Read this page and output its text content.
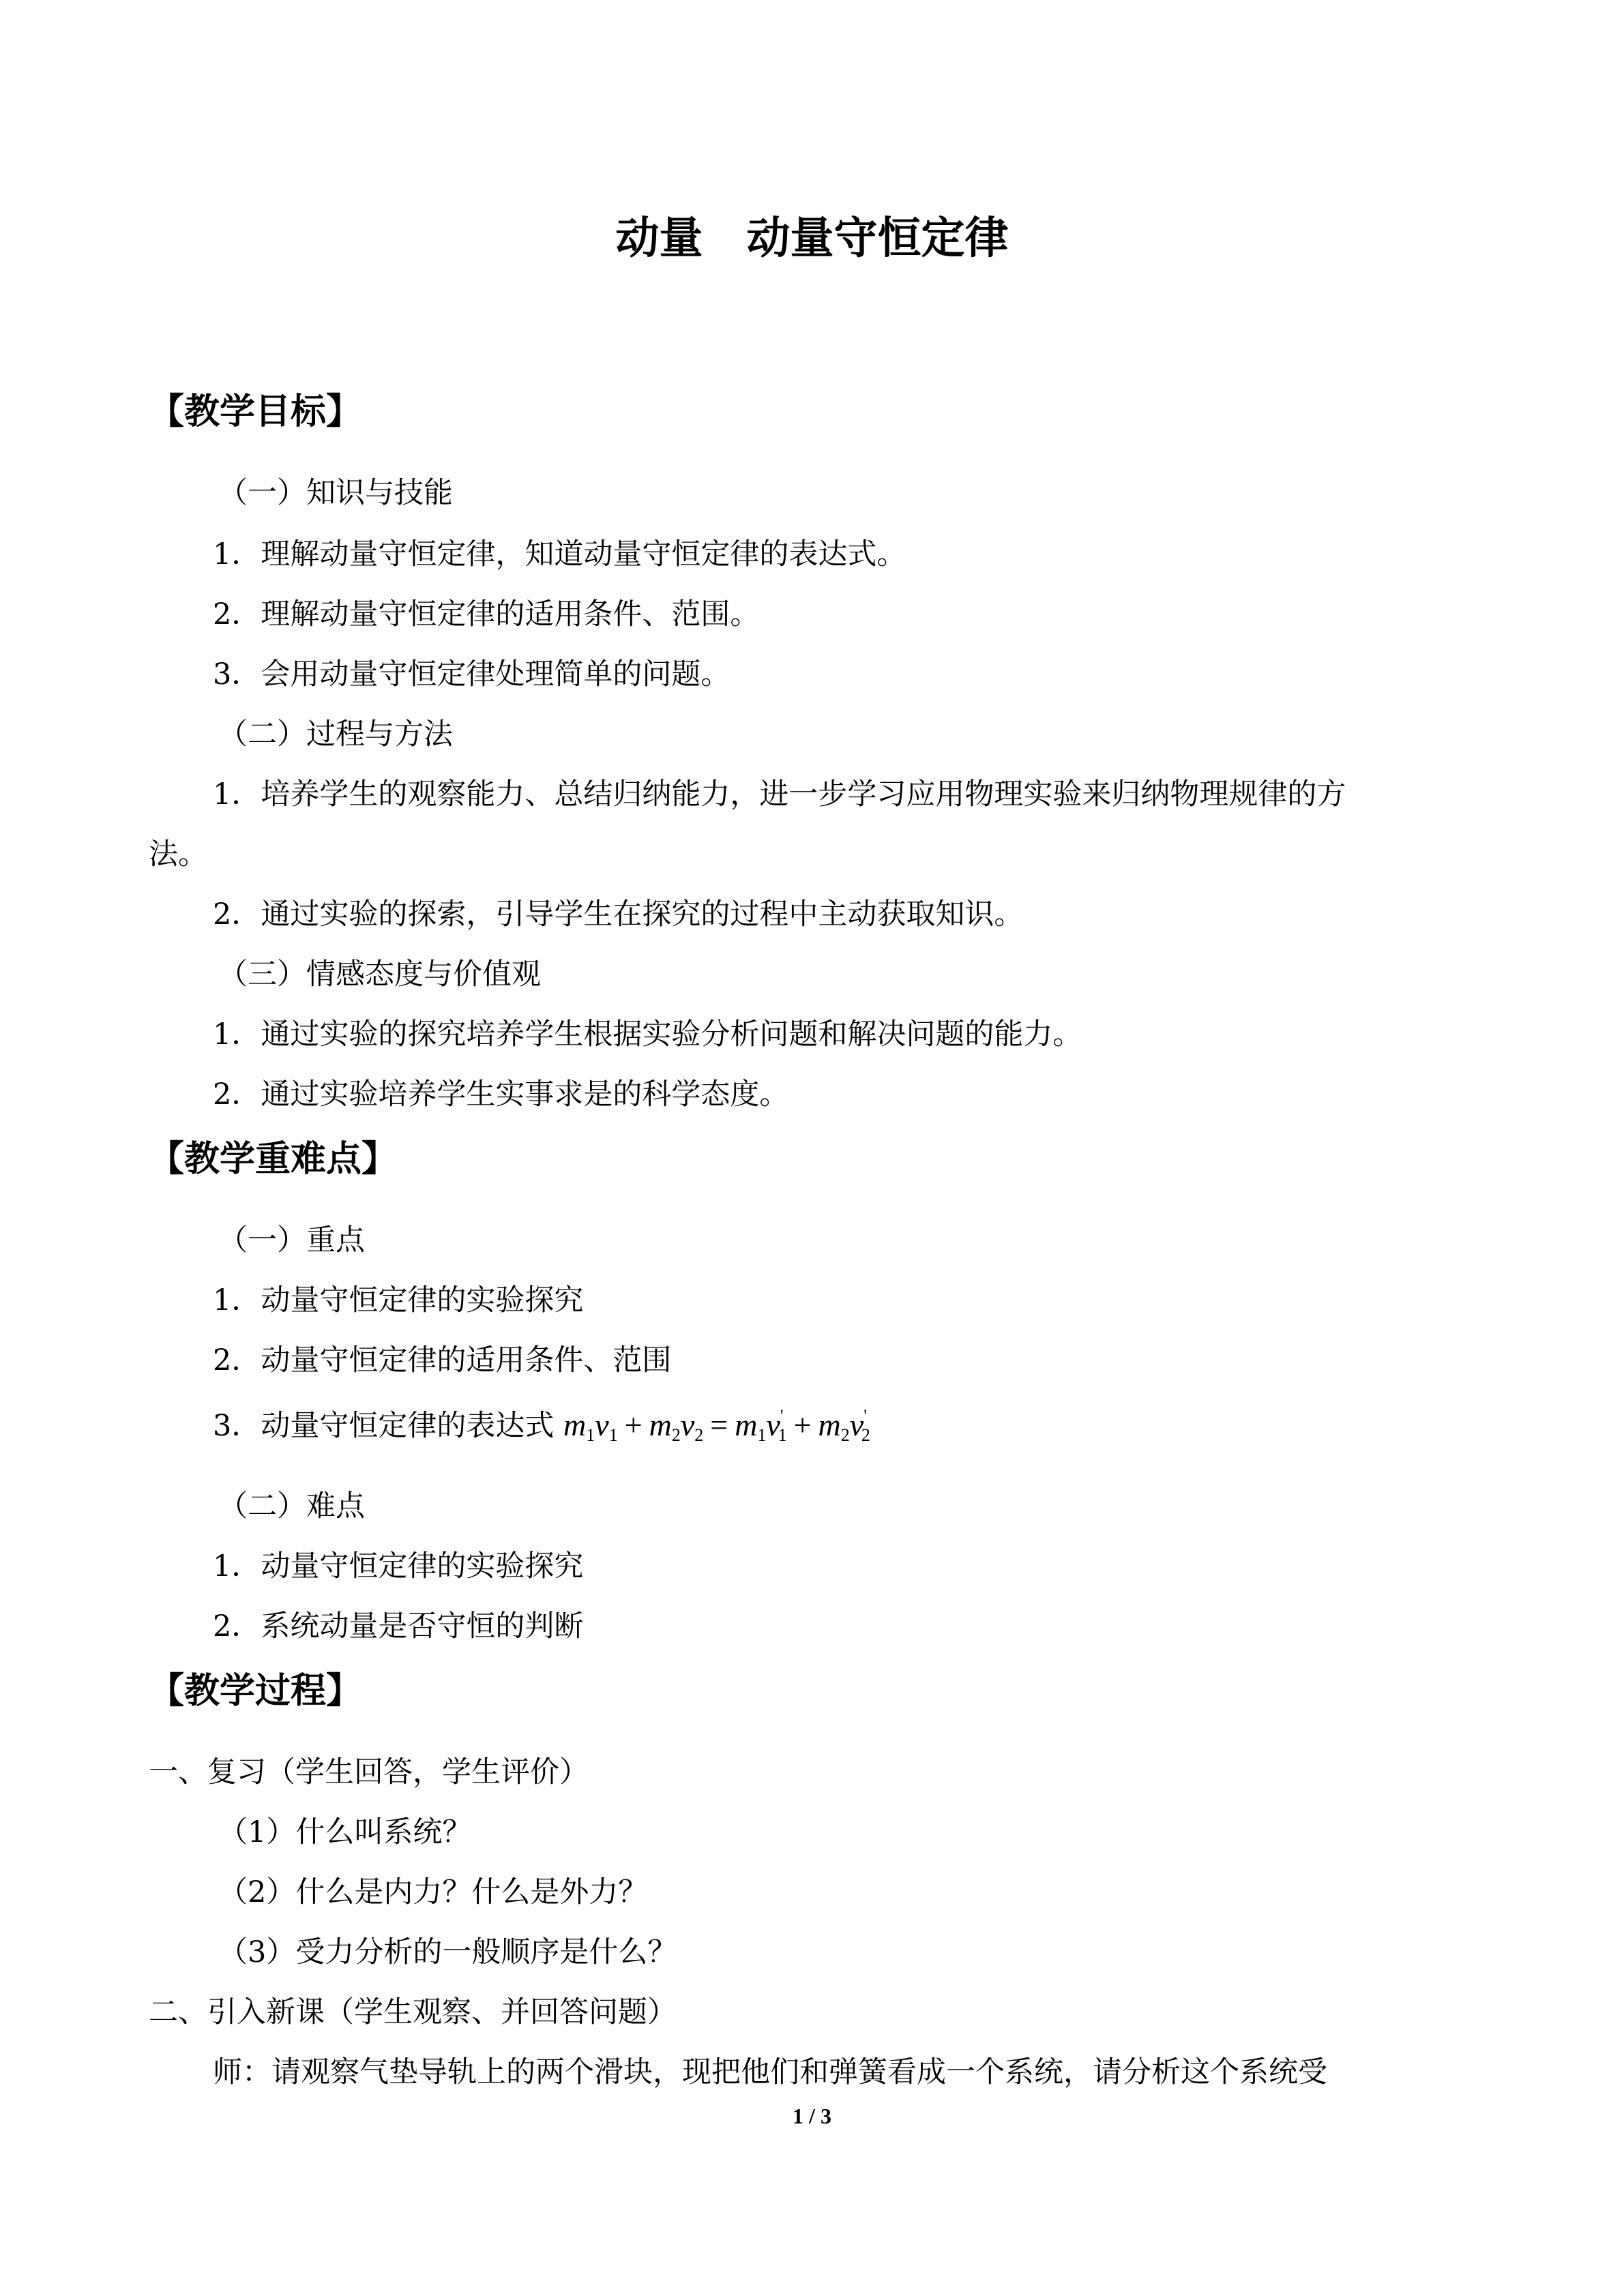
动量　动量守恒定律
【教学目标】
（一）知识与技能
1．理解动量守恒定律，知道动量守恒定律的表达式。
2．理解动量守恒定律的适用条件、范围。
3．会用动量守恒定律处理简单的问题。
（二）过程与方法
1．培养学生的观察能力、总结归纳能力，进一步学习应用物理实验来归纳物理规律的方
法。
2．通过实验的探索，引导学生在探究的过程中主动获取知识。
（三）情感态度与价值观
1．通过实验的探究培养学生根据实验分析问题和解决问题的能力。
2．通过实验培养学生实事求是的科学态度。
【教学重难点】
（一）重点
1．动量守恒定律的实验探究
2．动量守恒定律的适用条件、范围
3．动量守恒定律的表达式 $m_1v_1 + m_2v_2 = m_1v'_1 + m_2v'_2$
（二）难点
1．动量守恒定律的实验探究
2．系统动量是否守恒的判断
【教学过程】
一、复习（学生回答，学生评价）
（1）什么叫系统？
（2）什么是内力？什么是外力？
（3）受力分析的一般顺序是什么？
二、引入新课（学生观察、并回答问题）
师：请观察气垫导轨上的两个滑块，现把他们和弹簧看成一个系统，请分析这个系统受
1 / 3
